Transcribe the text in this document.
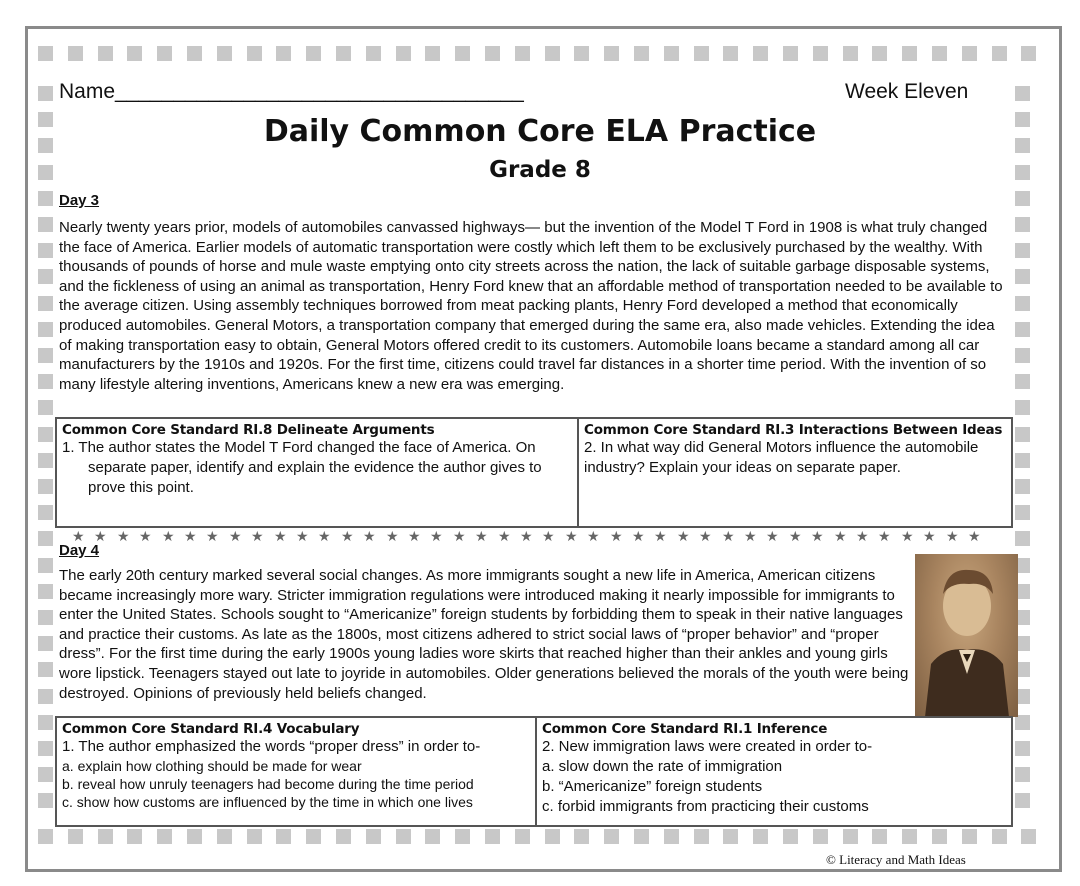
Name___________________________________	Week Eleven
Daily Common Core ELA Practice
Grade 8
Day 3
Nearly twenty years prior, models of automobiles canvassed highways— but the invention of the Model T Ford in 1908 is what truly changed the face of America. Earlier models of automatic transportation were costly which left them to be exclusively purchased by the wealthy. With thousands of pounds of horse and mule waste emptying onto city streets across the nation, the lack of suitable garbage disposable systems, and the fickleness of using an animal as transportation, Henry Ford knew that an affordable method of transportation needed to be available to the average citizen. Using assembly techniques borrowed from meat packing plants, Henry Ford developed a method that economically produced automobiles. General Motors, a transportation company that emerged during the same era, also made vehicles. Extending the idea of making transportation easy to obtain, General Motors offered credit to its customers. Automobile loans became a standard among all car manufacturers by the 1910s and 1920s. For the first time, citizens could travel far distances in a shorter time period. With the invention of so many lifestyle altering inventions, Americans knew a new era was emerging.
Common Core Standard RI.8 Delineate Arguments
1. The author states the Model T Ford changed the face of America. On separate paper, identify and explain the evidence the author gives to prove this point.
Common Core Standard RI.3 Interactions Between Ideas
2. In what way did General Motors influence the automobile industry? Explain your ideas on separate paper.
★ ★ ★ ★ ★ ★ ★ ★ ★ ★ ★ ★ ★ ★ ★ ★ ★ ★ ★ ★ ★ ★ ★ ★ ★ ★ ★ ★ ★ ★ ★ ★ ★ ★ ★ ★ ★ ★ ★ ★ ★
Day 4
The early 20th century marked several social changes. As more immigrants sought a new life in America, American citizens became increasingly more wary. Stricter immigration regulations were introduced making it nearly impossible for immigrants to enter the United States. Schools sought to “Americanize” foreign students by forbidding them to speak in their native languages and practice their customs. As late as the 1800s, most citizens adhered to strict social laws of “proper behavior” and “proper dress”. For the first time during the early 1900s young ladies wore skirts that reached higher than their ankles and young girls wore lipstick. Teenagers stayed out late to joyride in automobiles. Older generations believed the morals of the youth were being destroyed. Opinions of previously held beliefs changed.
Common Core Standard RI.4 Vocabulary
1. The author emphasized the words “proper dress” in order to-
a. explain how clothing should be made for wear
b. reveal how unruly teenagers had become during the time period
c. show how customs are influenced by the time in which one lives
Common Core Standard RI.1 Inference
2. New immigration laws were created in order to-
a. slow down the rate of immigration
b. “Americanize” foreign students
c. forbid immigrants from practicing their customs
© Literacy and Math Ideas
